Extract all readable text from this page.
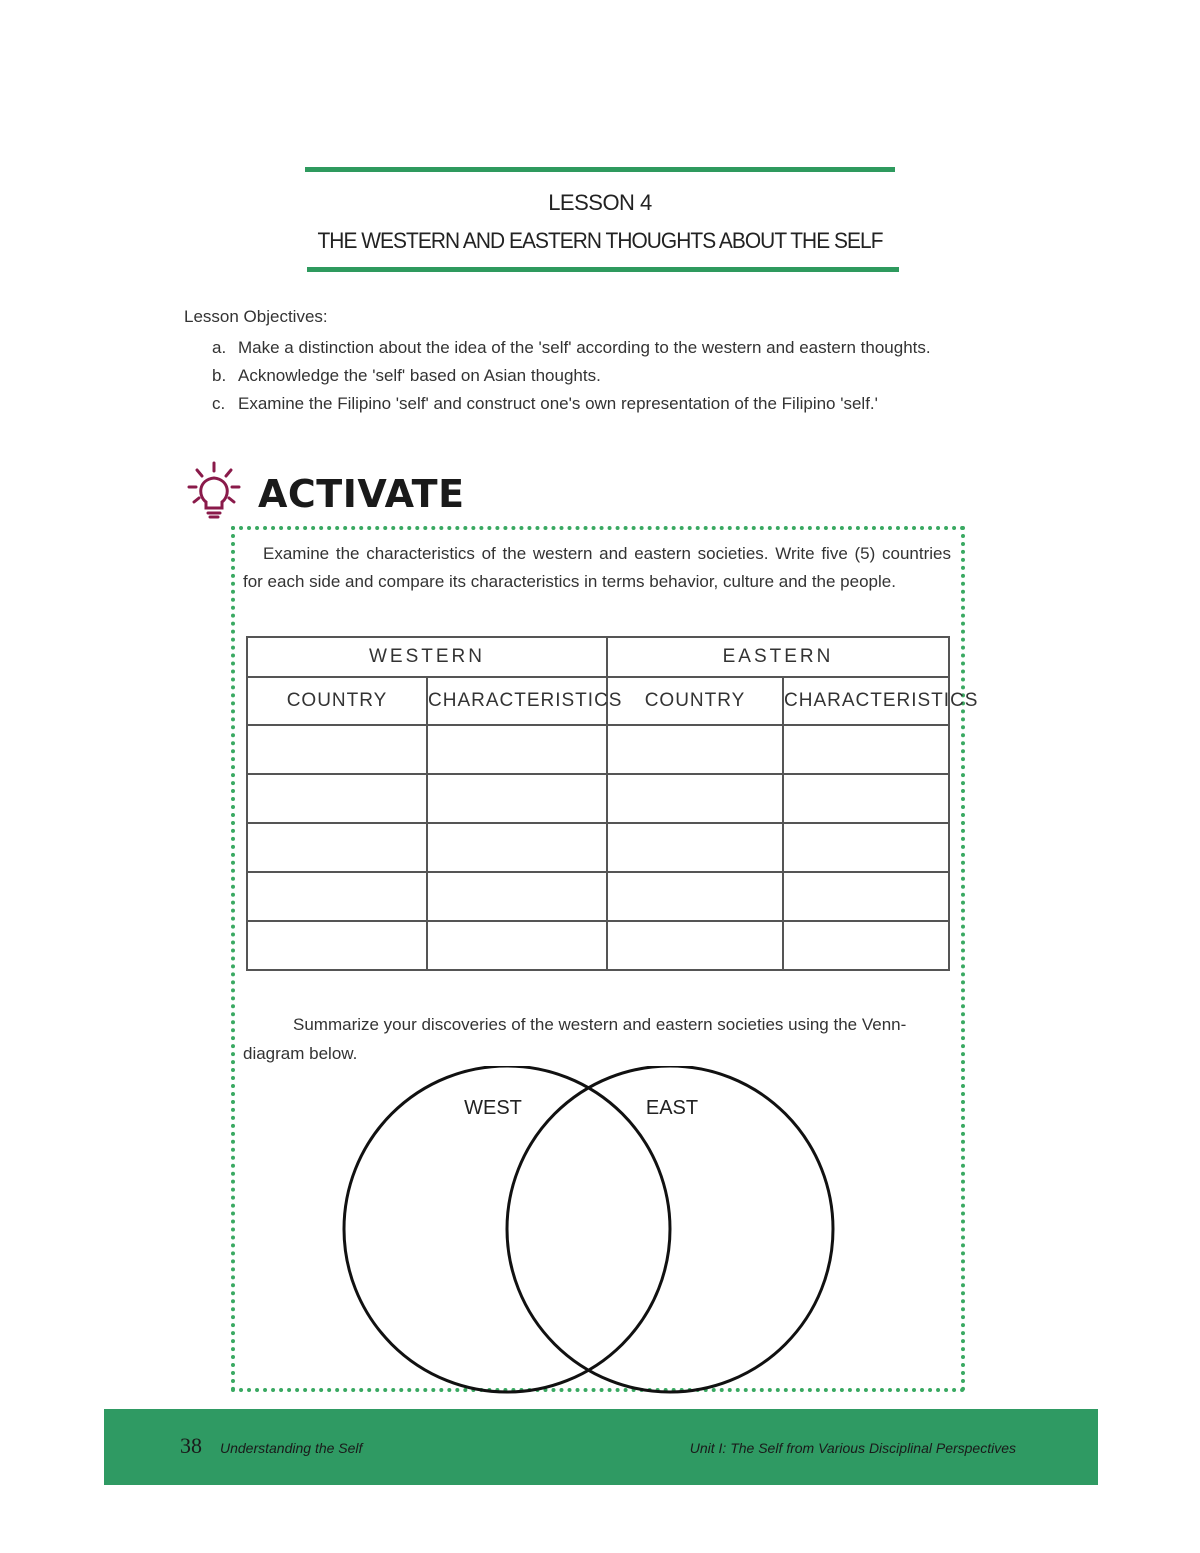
LESSON 4
THE WESTERN AND EASTERN THOUGHTS ABOUT THE SELF
Lesson Objectives:
a. Make a distinction about the idea of the 'self' according to the western and eastern thoughts.
b. Acknowledge the 'self' based on Asian thoughts.
c. Examine the Filipino 'self' and construct one's own representation of the Filipino 'self.'
ACTIVATE
Examine the characteristics of the western and eastern societies. Write five (5) countries for each side and compare its characteristics in terms behavior, culture and the people.
WESTERN		EASTERN	
COUNTRY	CHARACTERISTICS	COUNTRY	CHARACTERISTICS

Summarize your discoveries of the western and eastern societies using the Venn-diagram below.
WEST	EAST
38 Understanding the Self	Unit I: The Self from Various Disciplinal Perspectives
